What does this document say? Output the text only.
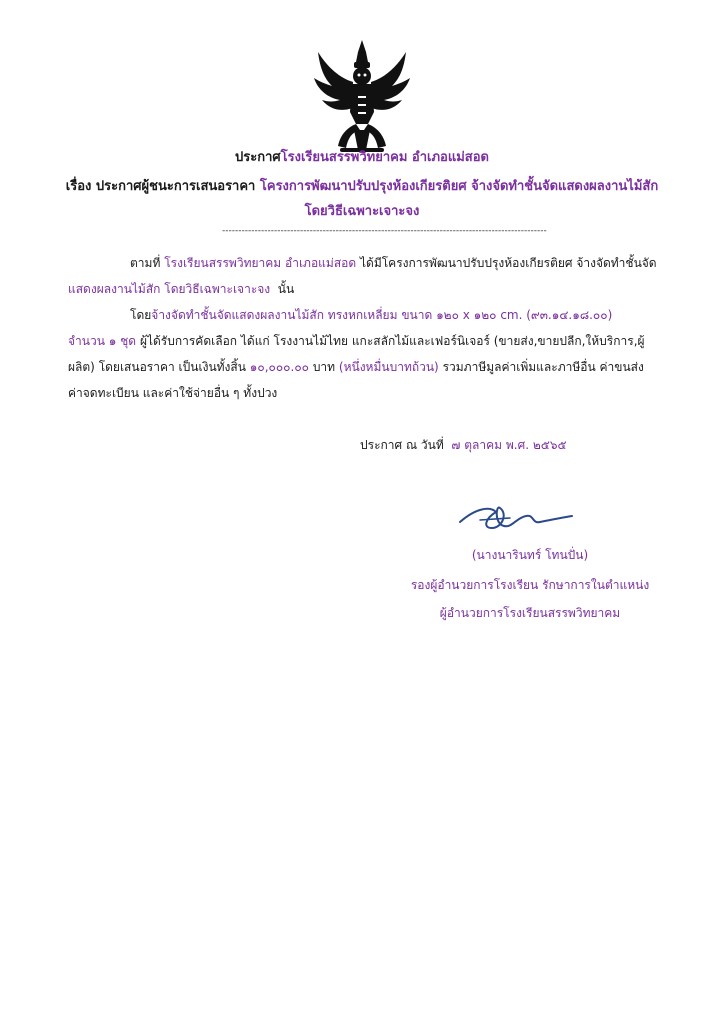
ประกาศโรงเรียนสรรพวิทยาคม อำเภอแม่สอด
เรื่อง ประกาศผู้ชนะการเสนอราคา โครงการพัฒนาปรับปรุงห้องเกียรติยศ จ้างจัดทำชั้นจัดแสดงผลงานไม้สัก
โดยวิธีเฉพาะเจาะจง
----------------------------------------------------------------------------------------------------
ตามที่ โรงเรียนสรรพวิทยาคม อำเภอแม่สอด ได้มีโครงการพัฒนาปรับปรุงห้องเกียรติยศ จ้างจัดทำชั้นจัด
แสดงผลงานไม้สัก โดยวิธีเฉพาะเจาะจง นั้น
โดยจ้างจัดทำชั้นจัดแสดงผลงานไม้สัก ทรงหกเหลี่ยม ขนาด ๑๒๐ x ๑๒๐ cm. (๙๓.๑๔.๑๘.๐๐)
จำนวน ๑ ชุด ผู้ได้รับการคัดเลือก ได้แก่ โรงงานไม้ไทย แกะสลักไม้และเฟอร์นิเจอร์ (ขายส่ง,ขายปลีก,ให้บริการ,ผู้
ผลิต) โดยเสนอราคา เป็นเงินทั้งสิ้น ๑๐,๐๐๐.๐๐ บาท (หนึ่งหมื่นบาทถ้วน) รวมภาษีมูลค่าเพิ่มและภาษีอื่น ค่าขนส่ง
ค่าจดทะเบียน และค่าใช้จ่ายอื่น ๆ ทั้งปวง
ประกาศ ณ วันที่ ๗ ตุลาคม พ.ศ. ๒๕๖๕
(นางนารินทร์ โทนปั่น)
รองผู้อำนวยการโรงเรียน รักษาการในตำแหน่ง
ผู้อำนวยการโรงเรียนสรรพวิทยาคม
